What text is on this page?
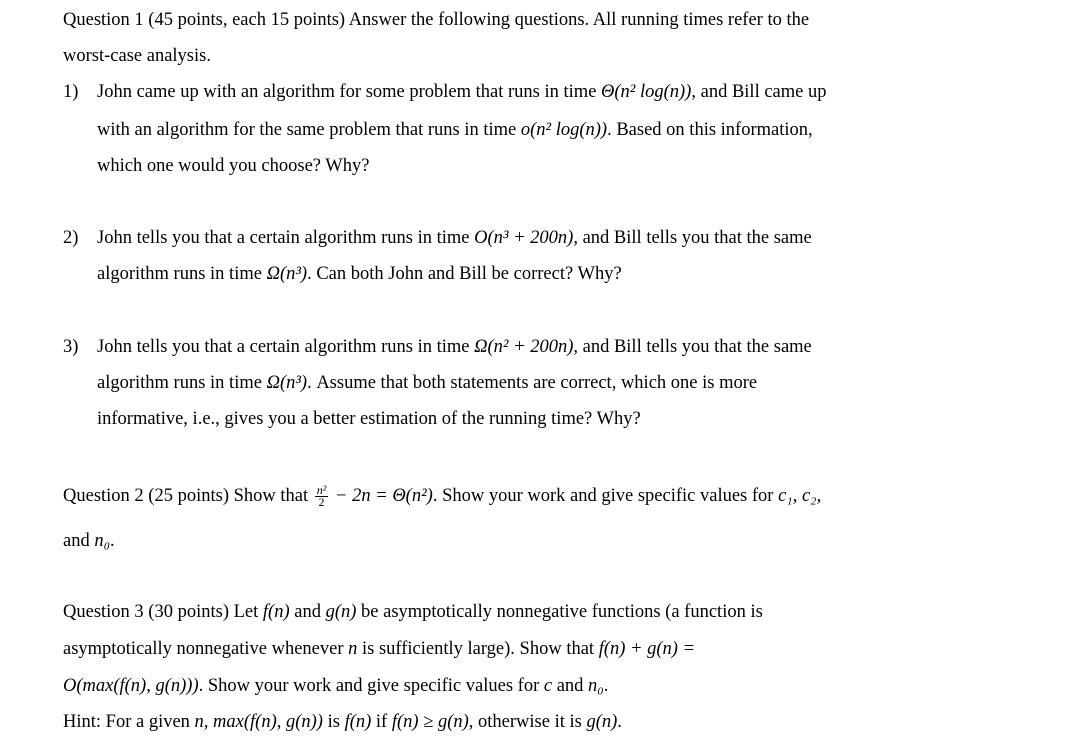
Question 1 (45 points, each 15 points) Answer the following questions. All running times refer to the
worst-case analysis.
1) John came up with an algorithm for some problem that runs in time Θ(n² log(n)), and Bill came up
with an algorithm for the same problem that runs in time o(n² log(n)). Based on this information,
which one would you choose? Why?
2) John tells you that a certain algorithm runs in time O(n³ + 200n), and Bill tells you that the same
algorithm runs in time Ω(n³). Can both John and Bill be correct? Why?
3) John tells you that a certain algorithm runs in time Ω(n² + 200n), and Bill tells you that the same
algorithm runs in time Ω(n³). Assume that both statements are correct, which one is more
informative, i.e., gives you a better estimation of the running time? Why?
Question 2 (25 points) Show that $\frac{\text{n²}}{2} - 2n = \Theta(n^2)$. Show your work and give specific values for c₁, c₂,
and n₀.
Question 3 (30 points) Let f(n) and g(n) be asymptotically nonnegative functions (a function is
asymptotically nonnegative whenever n is sufficiently large). Show that f(n) + g(n) =
O(max(f(n), g(n))). Show your work and give specific values for c and n₀.
Hint: For a given n, max(f(n), g(n)) is f(n) if f(n) ≥ g(n), otherwise it is g(n).
